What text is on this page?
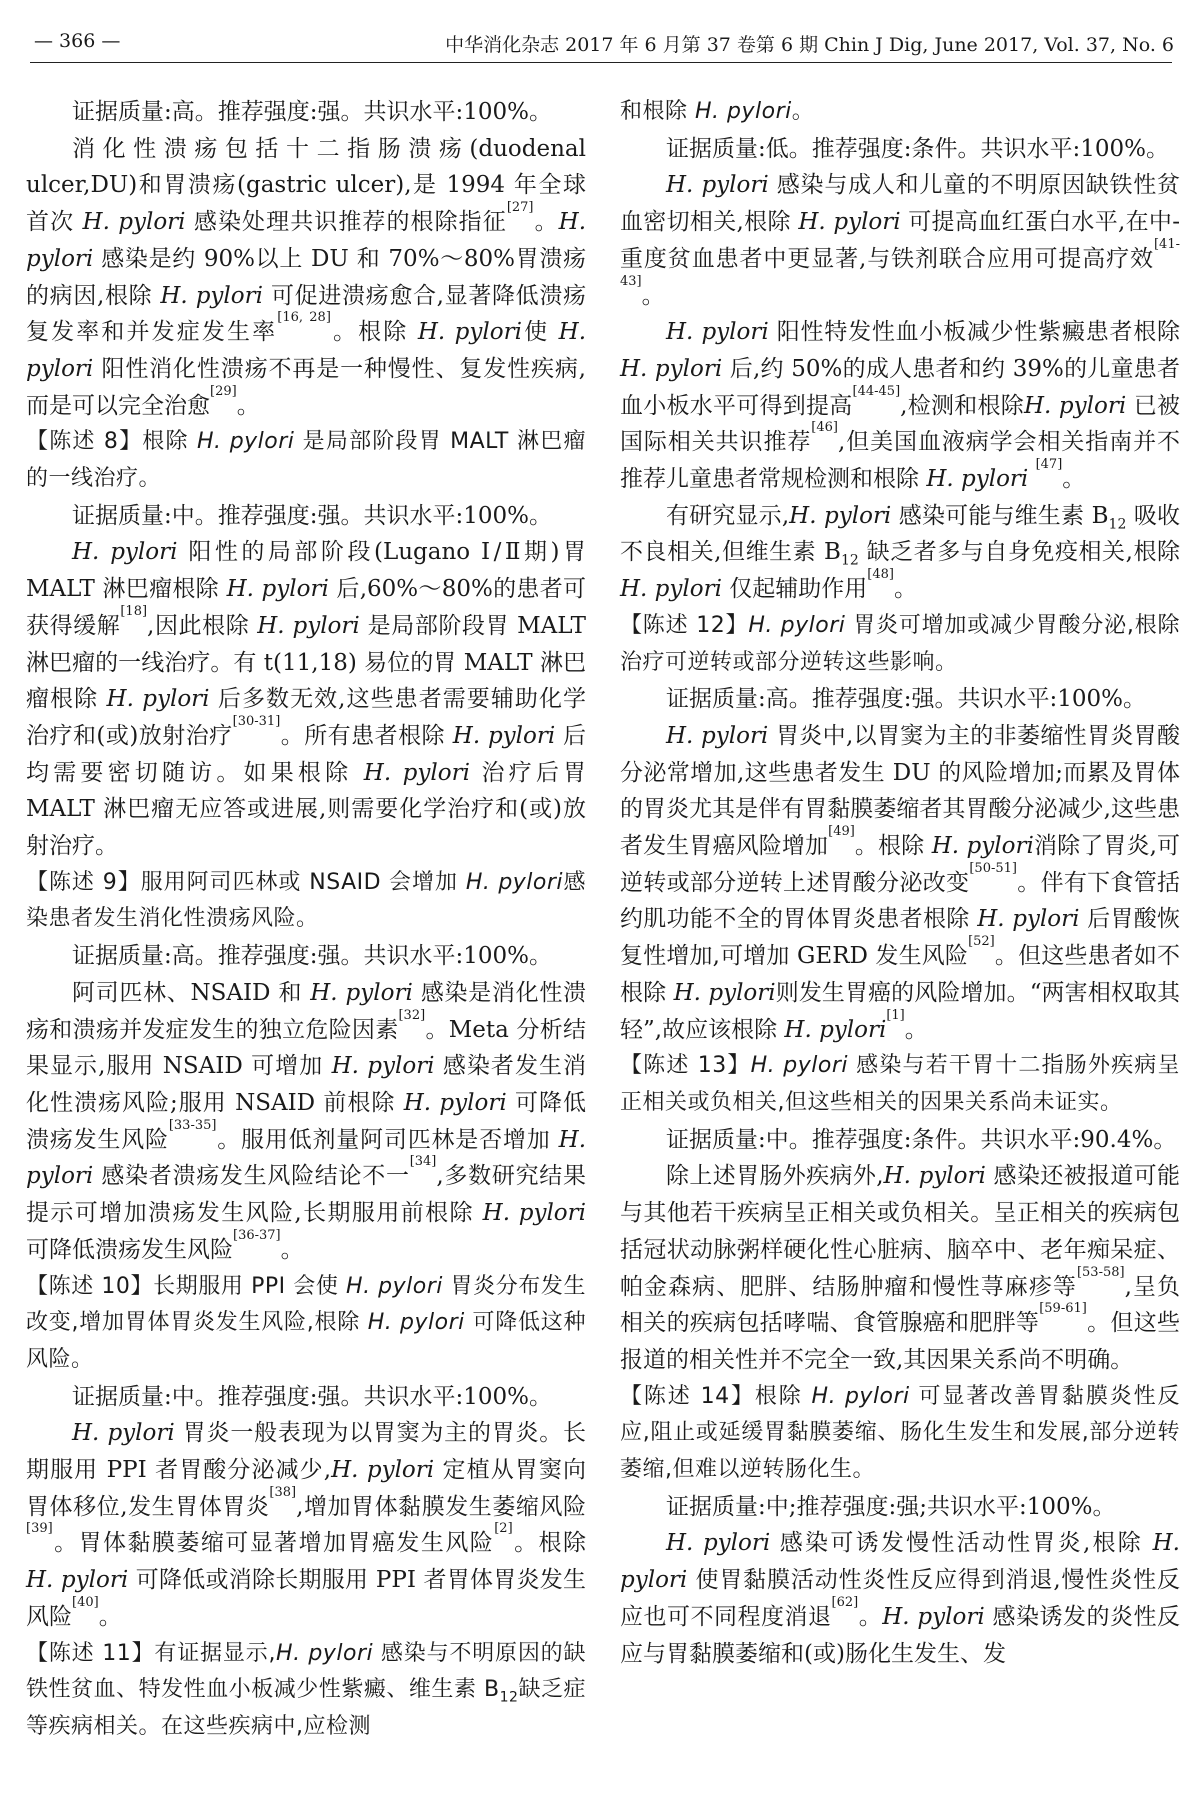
— 366 —	中华消化杂志 2017 年 6 月第 37 卷第 6 期 Chin J Dig, June 2017, Vol. 37, No. 6

证据质量:高。推荐强度:强。共识水平:100%。

消化性溃疡包括十二指肠溃疡(duodenal ulcer,DU)和胃溃疡(gastric ulcer),是 1994 年全球首次 H. pylori 感染处理共识推荐的根除指征[27]。H. pylori 感染是约 90%以上 DU 和 70%～80%胃溃疡的病因,根除 H. pylori 可促进溃疡愈合,显著降低溃疡复发率和并发症发生率[16, 28]。根除 H. pylori使 H. pylori 阳性消化性溃疡不再是一种慢性、复发性疾病,而是可以完全治愈[29]。

【陈述 8】根除 H. pylori 是局部阶段胃 MALT 淋巴瘤的一线治疗。

证据质量:中。推荐强度:强。共识水平:100%。

H. pylori 阳性的局部阶段(Lugano Ⅰ/Ⅱ期)胃 MALT 淋巴瘤根除 H. pylori 后,60%～80%的患者可获得缓解[18],因此根除 H. pylori 是局部阶段胃 MALT 淋巴瘤的一线治疗。有 t(11,18) 易位的胃 MALT 淋巴瘤根除 H. pylori 后多数无效,这些患者需要辅助化学治疗和(或)放射治疗[30-31]。所有患者根除 H. pylori 后均需要密切随访。如果根除 H. pylori 治疗后胃 MALT 淋巴瘤无应答或进展,则需要化学治疗和(或)放射治疗。

【陈述 9】服用阿司匹林或 NSAID 会增加 H. pylori感染患者发生消化性溃疡风险。

证据质量:高。推荐强度:强。共识水平:100%。

阿司匹林、NSAID 和 H. pylori 感染是消化性溃疡和溃疡并发症发生的独立危险因素[32]。Meta 分析结果显示,服用 NSAID 可增加 H. pylori 感染者发生消化性溃疡风险;服用 NSAID 前根除 H. pylori 可降低溃疡发生风险[33-35]。服用低剂量阿司匹林是否增加 H. pylori 感染者溃疡发生风险结论不一[34],多数研究结果提示可增加溃疡发生风险,长期服用前根除 H. pylori 可降低溃疡发生风险[36-37]。

【陈述 10】长期服用 PPI 会使 H. pylori 胃炎分布发生改变,增加胃体胃炎发生风险,根除 H. pylori 可降低这种风险。

证据质量:中。推荐强度:强。共识水平:100%。

H. pylori 胃炎一般表现为以胃窦为主的胃炎。长期服用 PPI 者胃酸分泌减少,H. pylori 定植从胃窦向胃体移位,发生胃体胃炎[38],增加胃体黏膜发生萎缩风险[39]。胃体黏膜萎缩可显著增加胃癌发生风险[2]。根除 H. pylori 可降低或消除长期服用 PPI 者胃体胃炎发生风险[40]。

【陈述 11】有证据显示,H. pylori 感染与不明原因的缺铁性贫血、特发性血小板减少性紫癜、维生素 $B_{12}$缺乏症等疾病相关。在这些疾病中,应检测

和根除 H. pylori。

证据质量:低。推荐强度:条件。共识水平:100%。

H. pylori 感染与成人和儿童的不明原因缺铁性贫血密切相关,根除 H. pylori 可提高血红蛋白水平,在中-重度贫血患者中更显著,与铁剂联合应用可提高疗效[41-43]。

H. pylori 阳性特发性血小板减少性紫癜患者根除 H. pylori 后,约 50%的成人患者和约 39%的儿童患者血小板水平可得到提高[44-45],检测和根除H. pylori 已被国际相关共识推荐[46],但美国血液病学会相关指南并不推荐儿童患者常规检测和根除 H. pylori [47]。

有研究显示,H. pylori 感染可能与维生素 $B_{12}$ 吸收不良相关,但维生素 $B_{12}$ 缺乏者多与自身免疫相关,根除 H. pylori 仅起辅助作用[48]。

【陈述 12】H. pylori 胃炎可增加或减少胃酸分泌,根除治疗可逆转或部分逆转这些影响。

证据质量:高。推荐强度:强。共识水平:100%。

H. pylori 胃炎中,以胃窦为主的非萎缩性胃炎胃酸分泌常增加,这些患者发生 DU 的风险增加;而累及胃体的胃炎尤其是伴有胃黏膜萎缩者其胃酸分泌减少,这些患者发生胃癌风险增加[49]。根除 H. pylori消除了胃炎,可逆转或部分逆转上述胃酸分泌改变[50-51]。伴有下食管括约肌功能不全的胃体胃炎患者根除 H. pylori 后胃酸恢复性增加,可增加 GERD 发生风险[52]。但这些患者如不根除 H. pylori则发生胃癌的风险增加。“两害相权取其轻”,故应该根除 H. pylori[1]。

【陈述 13】H. pylori 感染与若干胃十二指肠外疾病呈正相关或负相关,但这些相关的因果关系尚未证实。

证据质量:中。推荐强度:条件。共识水平:90.4%。

除上述胃肠外疾病外,H. pylori 感染还被报道可能与其他若干疾病呈正相关或负相关。呈正相关的疾病包括冠状动脉粥样硬化性心脏病、脑卒中、老年痴呆症、帕金森病、肥胖、结肠肿瘤和慢性荨麻疹等[53-58],呈负相关的疾病包括哮喘、食管腺癌和肥胖等[59-61]。但这些报道的相关性并不完全一致,其因果关系尚不明确。

【陈述 14】根除 H. pylori 可显著改善胃黏膜炎性反应,阻止或延缓胃黏膜萎缩、肠化生发生和发展,部分逆转萎缩,但难以逆转肠化生。

证据质量:中;推荐强度:强;共识水平:100%。

H. pylori 感染可诱发慢性活动性胃炎,根除 H. pylori 使胃黏膜活动性炎性反应得到消退,慢性炎性反应也可不同程度消退[62]。H. pylori 感染诱发的炎性反应与胃黏膜萎缩和(或)肠化生发生、发
